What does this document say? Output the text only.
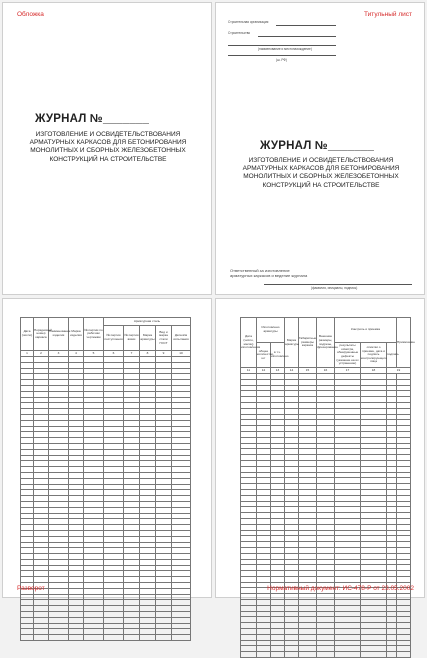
Обложка
ЖУРНАЛ №_______
ИЗГОТОВЛЕНИЕ И ОСВИДЕТЕЛЬСТВОВАНИЯ АРМАТУРНЫХ КАРКАСОВ ДЛЯ БЕТОНИРОВАНИЯ МОНОЛИТНЫХ И СБОРНЫХ ЖЕЛЕЗОБЕТОННЫХ КОНСТРУКЦИЙ НА СТРОИТЕЛЬСТВЕ
Титульный лист
Строительная организация
Строительство
(наименование и местонахождение)
(ш. РФ)
ЖУРНАЛ №_______
ИЗГОТОВЛЕНИЕ И ОСВИДЕТЕЛЬСТВОВАНИЯ АРМАТУРНЫХ КАРКАСОВ ДЛЯ БЕТОНИРОВАНИЯ МОНОЛИТНЫХ И СБОРНЫХ ЖЕЛЕЗОБЕТОННЫХ КОНСТРУКЦИЙ НА СТРОИТЕЛЬСТВЕ
Ответственный за изготовление арматурных каркасов и ведение журнала
(фамилия, инициалы, подпись)
Дата (число)	Порядковый номер каркаса	Наименование изделия	Марка изделия	№ партии по рабочим чертежам	Арматурная сталь				
					№ партии поступления	№ партии вязки	Марка арматуры	Вид и марка стали ГОСТ	Дата в/м испытания
1	2	3	4	5	6	7	8	9	10

Разворот
Дата (число, месяц) изготовления	Изготовлено арматуры		Марка арматуры	Габаритные размеры каркаса	Внешние размеры, подрезы, фрезерование	Контроль и приемка			Примечание
	общее количество, шт	в т.ч. изготовлено				результаты осмотра, обнаруженные дефекты (указание на их устранение)	отметки о приемке, дата и подпись контролирующего лица	подпись	
11	12	13	14	15	16	17	18	19	

Нормативный документ: ИС-478-Р от 23.05.2002
